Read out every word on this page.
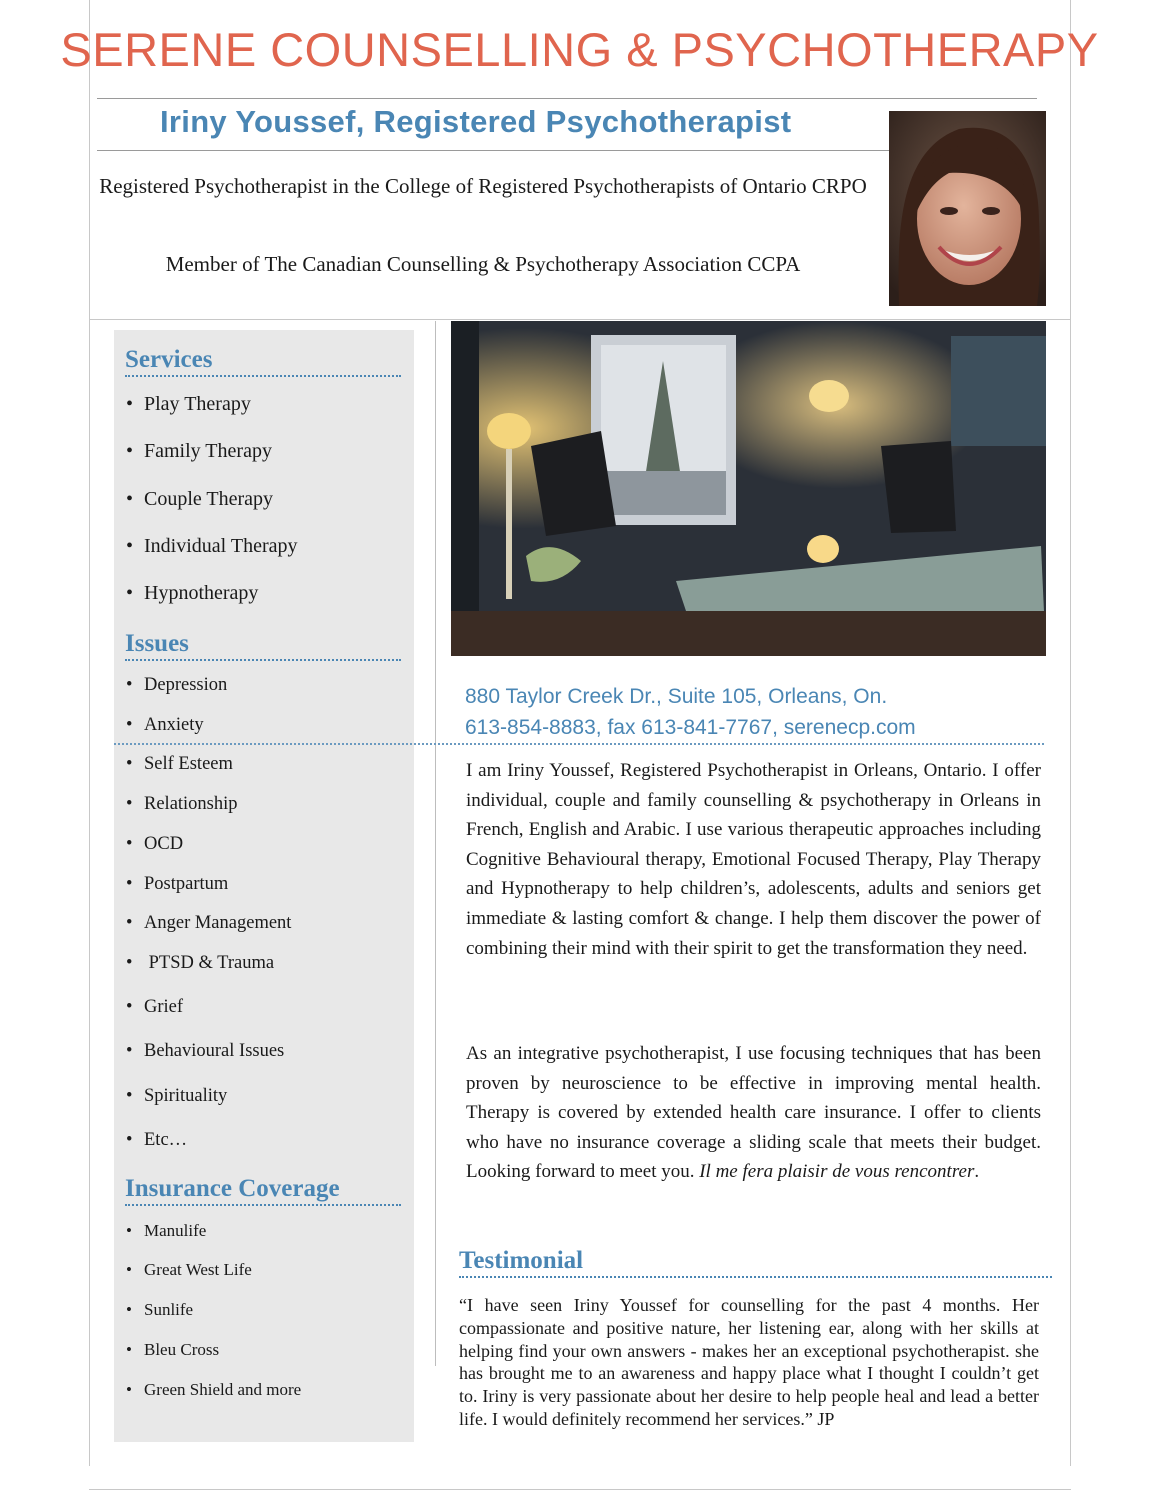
SERENE COUNSELLING & PSYCHOTHERAPY
Iriny Youssef, Registered Psychotherapist

Registered Psychotherapist in the College of Registered Psychotherapists of Ontario CRPO

Member of The Canadian Counselling & Psychotherapy Association CCPA

Services
• Play Therapy
• Family Therapy
• Couple Therapy
• Individual Therapy
• Hypnotherapy
Issues
• Depression
• Anxiety
• Self Esteem
• Relationship
• OCD
• Postpartum
• Anger Management
• PTSD & Trauma
• Grief
• Behavioural Issues
• Spirituality
• Etc…
Insurance Coverage
• Manulife
• Great West Life
• Sunlife
• Bleu Cross
• Green Shield and more

880 Taylor Creek Dr., Suite 105, Orleans, On.
613-854-8883, fax 613-841-7767, serenecp.com

I am Iriny Youssef, Registered Psychotherapist in Orleans, Ontario. I offer individual, couple and family counselling & psychotherapy in Orleans in French, English and Arabic. I use various therapeutic approaches including Cognitive Behavioural therapy, Emotional Focused Therapy, Play Therapy and Hypnotherapy to help children’s, adolescents, adults and seniors get immediate & lasting comfort & change. I help them discover the power of combining their mind with their spirit to get the transformation they need.

As an integrative psychotherapist, I use focusing techniques that has been proven by neuroscience to be effective in improving mental health. Therapy is covered by extended health care insurance. I offer to clients who have no insurance coverage a sliding scale that meets their budget. Looking forward to meet you. Il me fera plaisir de vous rencontrer.

Testimonial

“I have seen Iriny Youssef for counselling for the past 4 months. Her compassionate and positive nature, her listening ear, along with her skills at helping find your own answers - makes her an exceptional psychotherapist. she has brought me to an awareness and happy place what I thought I couldn’t get to. Iriny is very passionate about her desire to help people heal and lead a better life. I would definitely recommend her services.” JP
